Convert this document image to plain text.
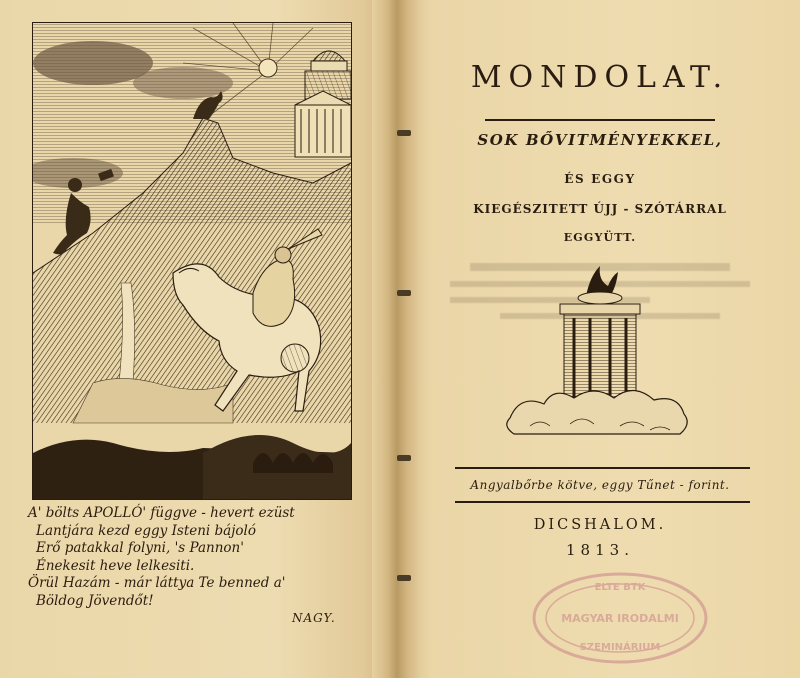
A' bölts APOLLÓ' függve - hevert ezüst
Lantjára kezd eggy Isteni bájoló
Erő patakkal folyni, 's Pannon'
Énekesit heve lelkesiti.
Örül Hazám - már láttya Te benned a'
Böldog Jövendőt!
NAGY.
MONDOLAT.
SOK BŐVITMÉNYEKKEL,
ÉS EGGY
KIEGÉSZITETT ÚJJ - SZÓTÁRRAL
EGGYÜTT.
Angyalbőrbe kötve, eggy Tűnet - forint.
DICSHALOM.
1813.
ELTE BTK
MAGYAR IRODALMI
SZEMINÁRIUM
